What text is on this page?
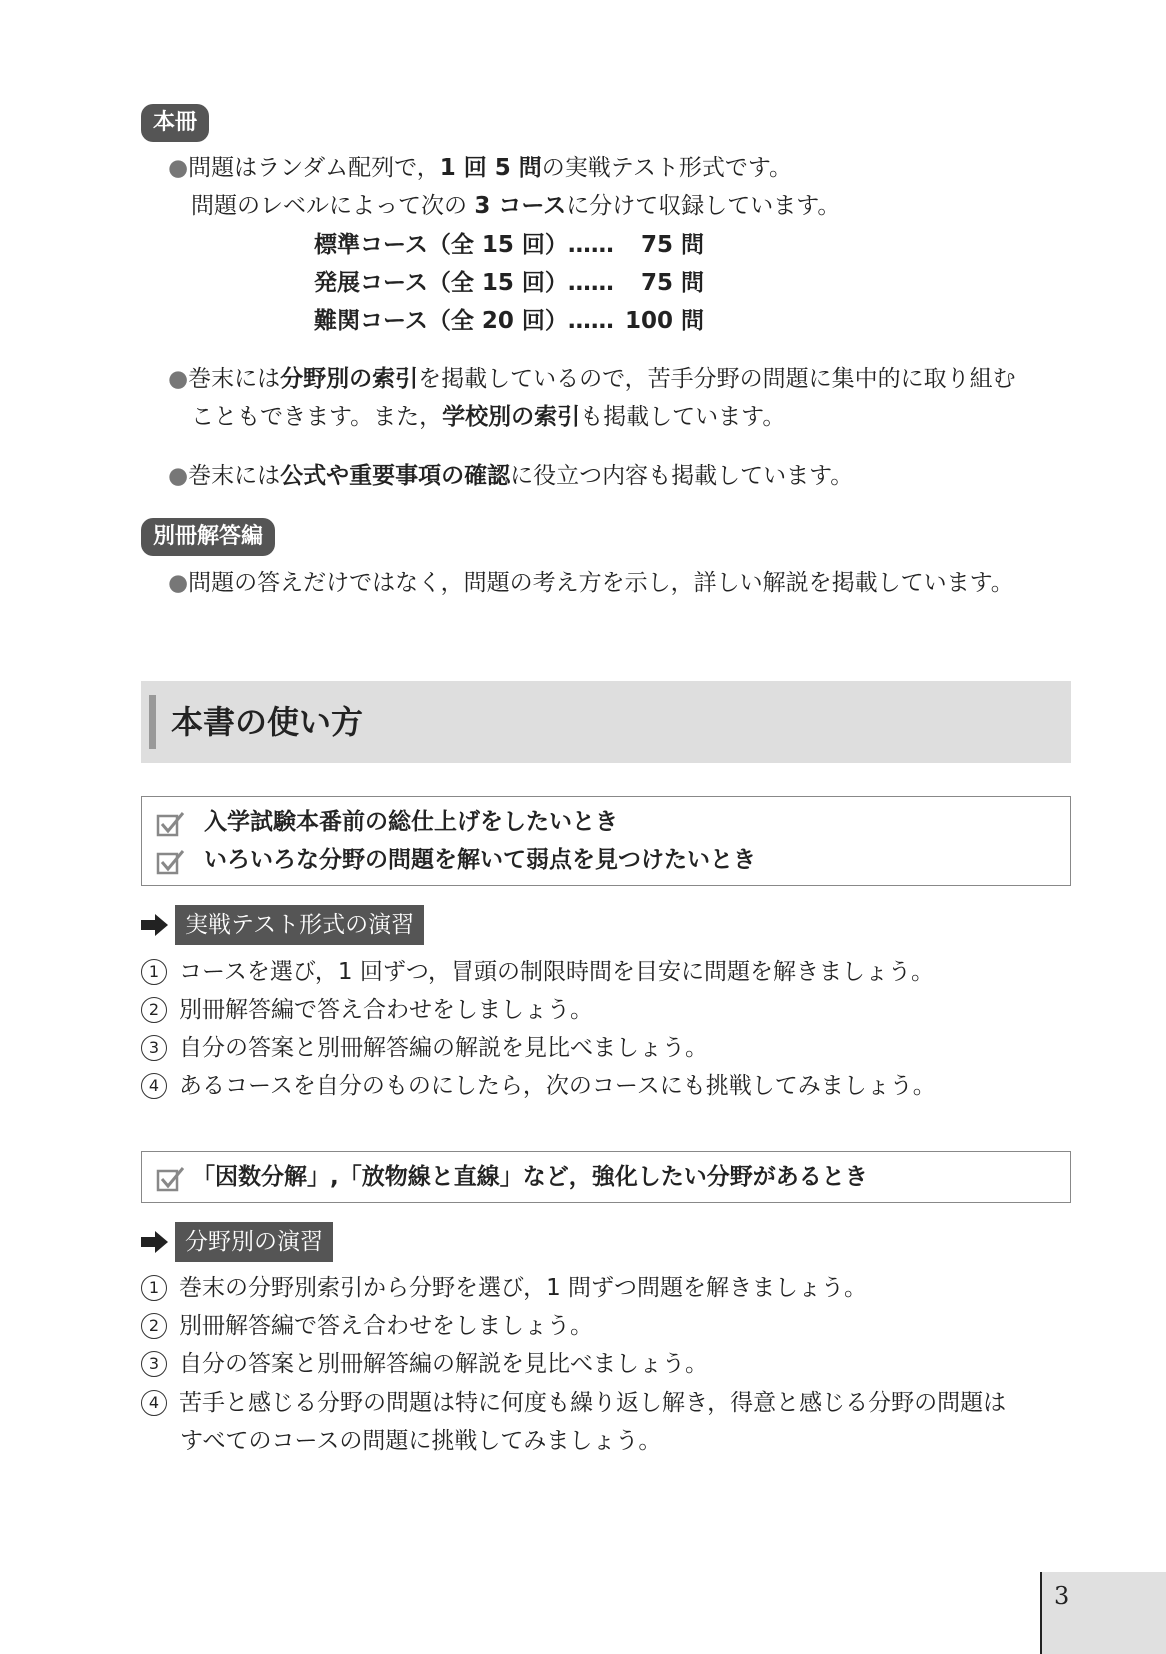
本冊
●問題はランダム配列で，1 回 5 問の実戦テスト形式です。
問題のレベルによって次の 3 コースに分けて収録しています。
標準コース（全 15 回）……	75 問
発展コース（全 15 回）……	75 問
難関コース（全 20 回）…… 100 問
●巻末には分野別の索引を掲載しているので，苦手分野の問題に集中的に取り組む
こともできます。また，学校別の索引も掲載しています。
●巻末には公式や重要事項の確認に役立つ内容も掲載しています。
別冊解答編
●問題の答えだけではなく，問題の考え方を示し，詳しい解説を掲載しています。
本書の使い方
入学試験本番前の総仕上げをしたいとき
いろいろな分野の問題を解いて弱点を見つけたいとき
実戦テスト形式の演習
1 コースを選び，1 回ずつ，冒頭の制限時間を目安に問題を解きましょう。
2 別冊解答編で答え合わせをしましょう。
3 自分の答案と別冊解答編の解説を見比べましょう。
4 あるコースを自分のものにしたら，次のコースにも挑戦してみましょう。
「因数分解」,「放物線と直線」など，強化したい分野があるとき
分野別の演習
1 巻末の分野別索引から分野を選び，1 問ずつ問題を解きましょう。
2 別冊解答編で答え合わせをしましょう。
3 自分の答案と別冊解答編の解説を見比べましょう。
4 苦手と感じる分野の問題は特に何度も繰り返し解き，得意と感じる分野の問題は
すべてのコースの問題に挑戦してみましょう。
3
